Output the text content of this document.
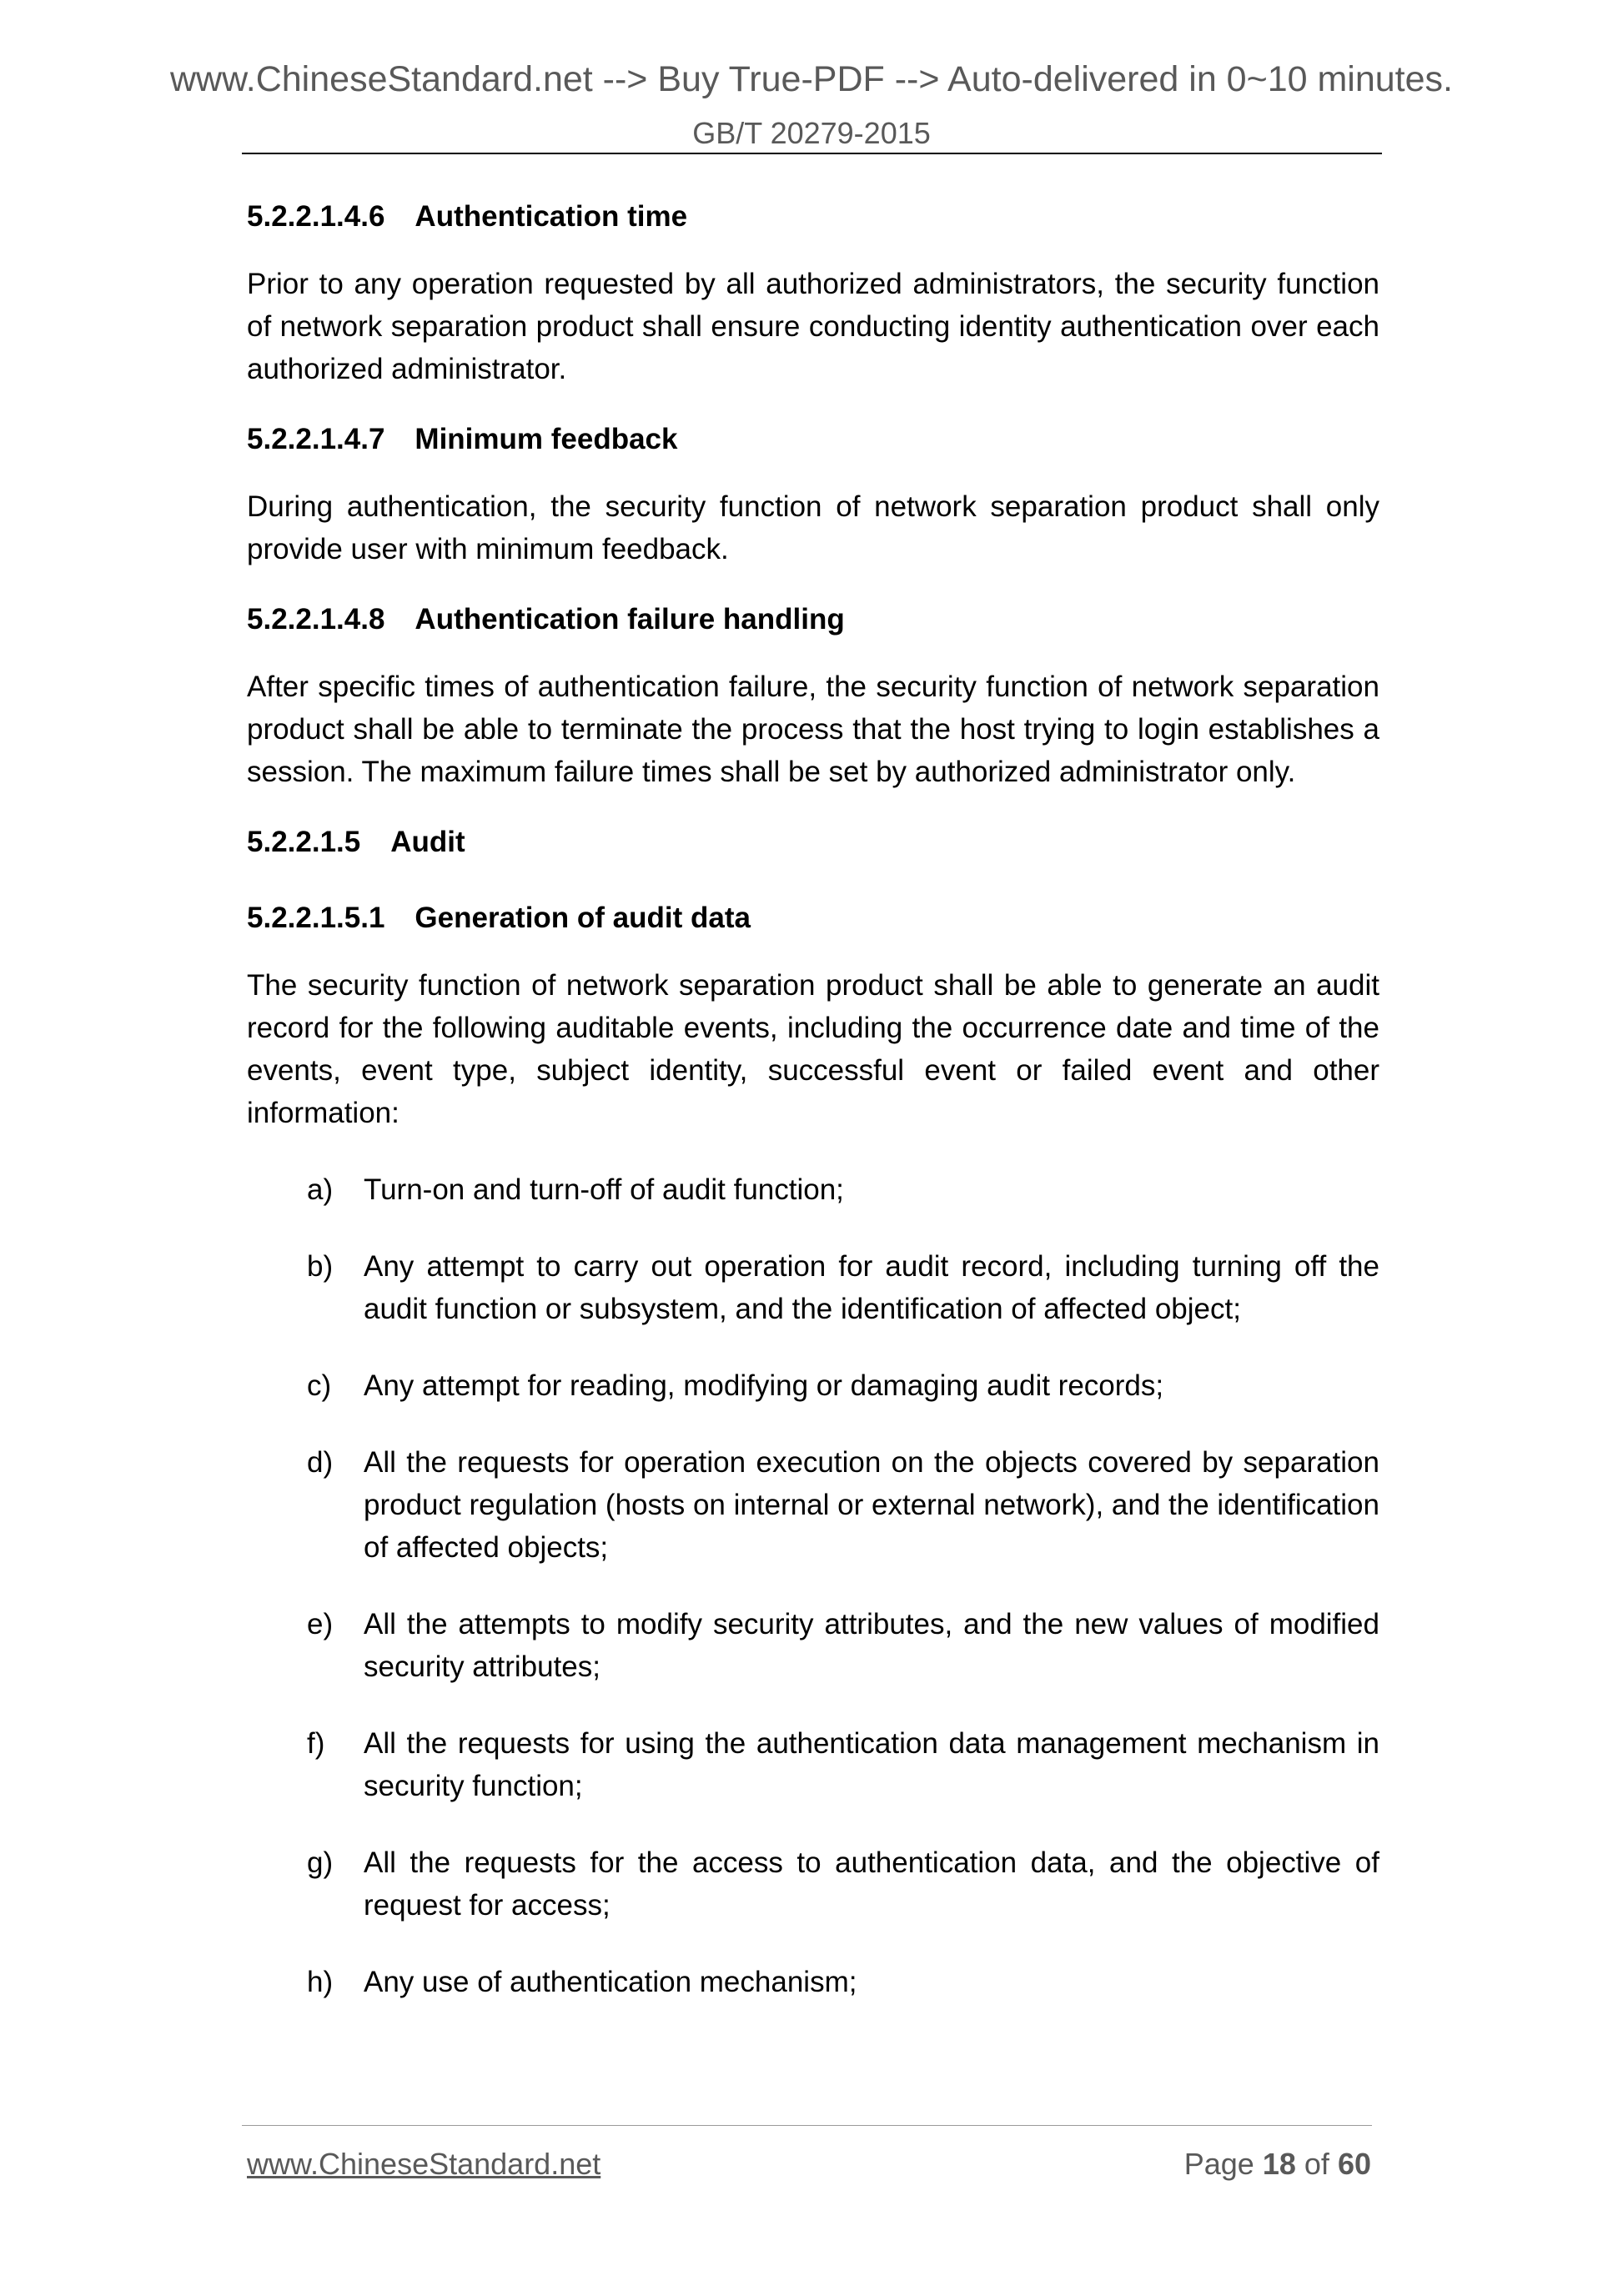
www.ChineseStandard.net --> Buy True-PDF --> Auto-delivered in 0~10 minutes.
GB/T 20279-2015
5.2.2.1.4.6 Authentication time

Prior to any operation requested by all authorized administrators, the security function of network separation product shall ensure conducting identity authentication over each authorized administrator.

5.2.2.1.4.7 Minimum feedback

During authentication, the security function of network separation product shall only provide user with minimum feedback.

5.2.2.1.4.8 Authentication failure handling

After specific times of authentication failure, the security function of network separation product shall be able to terminate the process that the host trying to login establishes a session. The maximum failure times shall be set by authorized administrator only.

5.2.2.1.5 Audit
5.2.2.1.5.1 Generation of audit data

The security function of network separation product shall be able to generate an audit record for the following auditable events, including the occurrence date and time of the events, event type, subject identity, successful event or failed event and other information:

a) Turn-on and turn-off of audit function;
b) Any attempt to carry out operation for audit record, including turning off the audit function or subsystem, and the identification of affected object;
c) Any attempt for reading, modifying or damaging audit records;
d) All the requests for operation execution on the objects covered by separation product regulation (hosts on internal or external network), and the identification of affected objects;
e) All the attempts to modify security attributes, and the new values of modified security attributes;
f) All the requests for using the authentication data management mechanism in security function;
g) All the requests for the access to authentication data, and the objective of request for access;
h) Any use of authentication mechanism;
www.ChineseStandard.net	Page 18 of 60
